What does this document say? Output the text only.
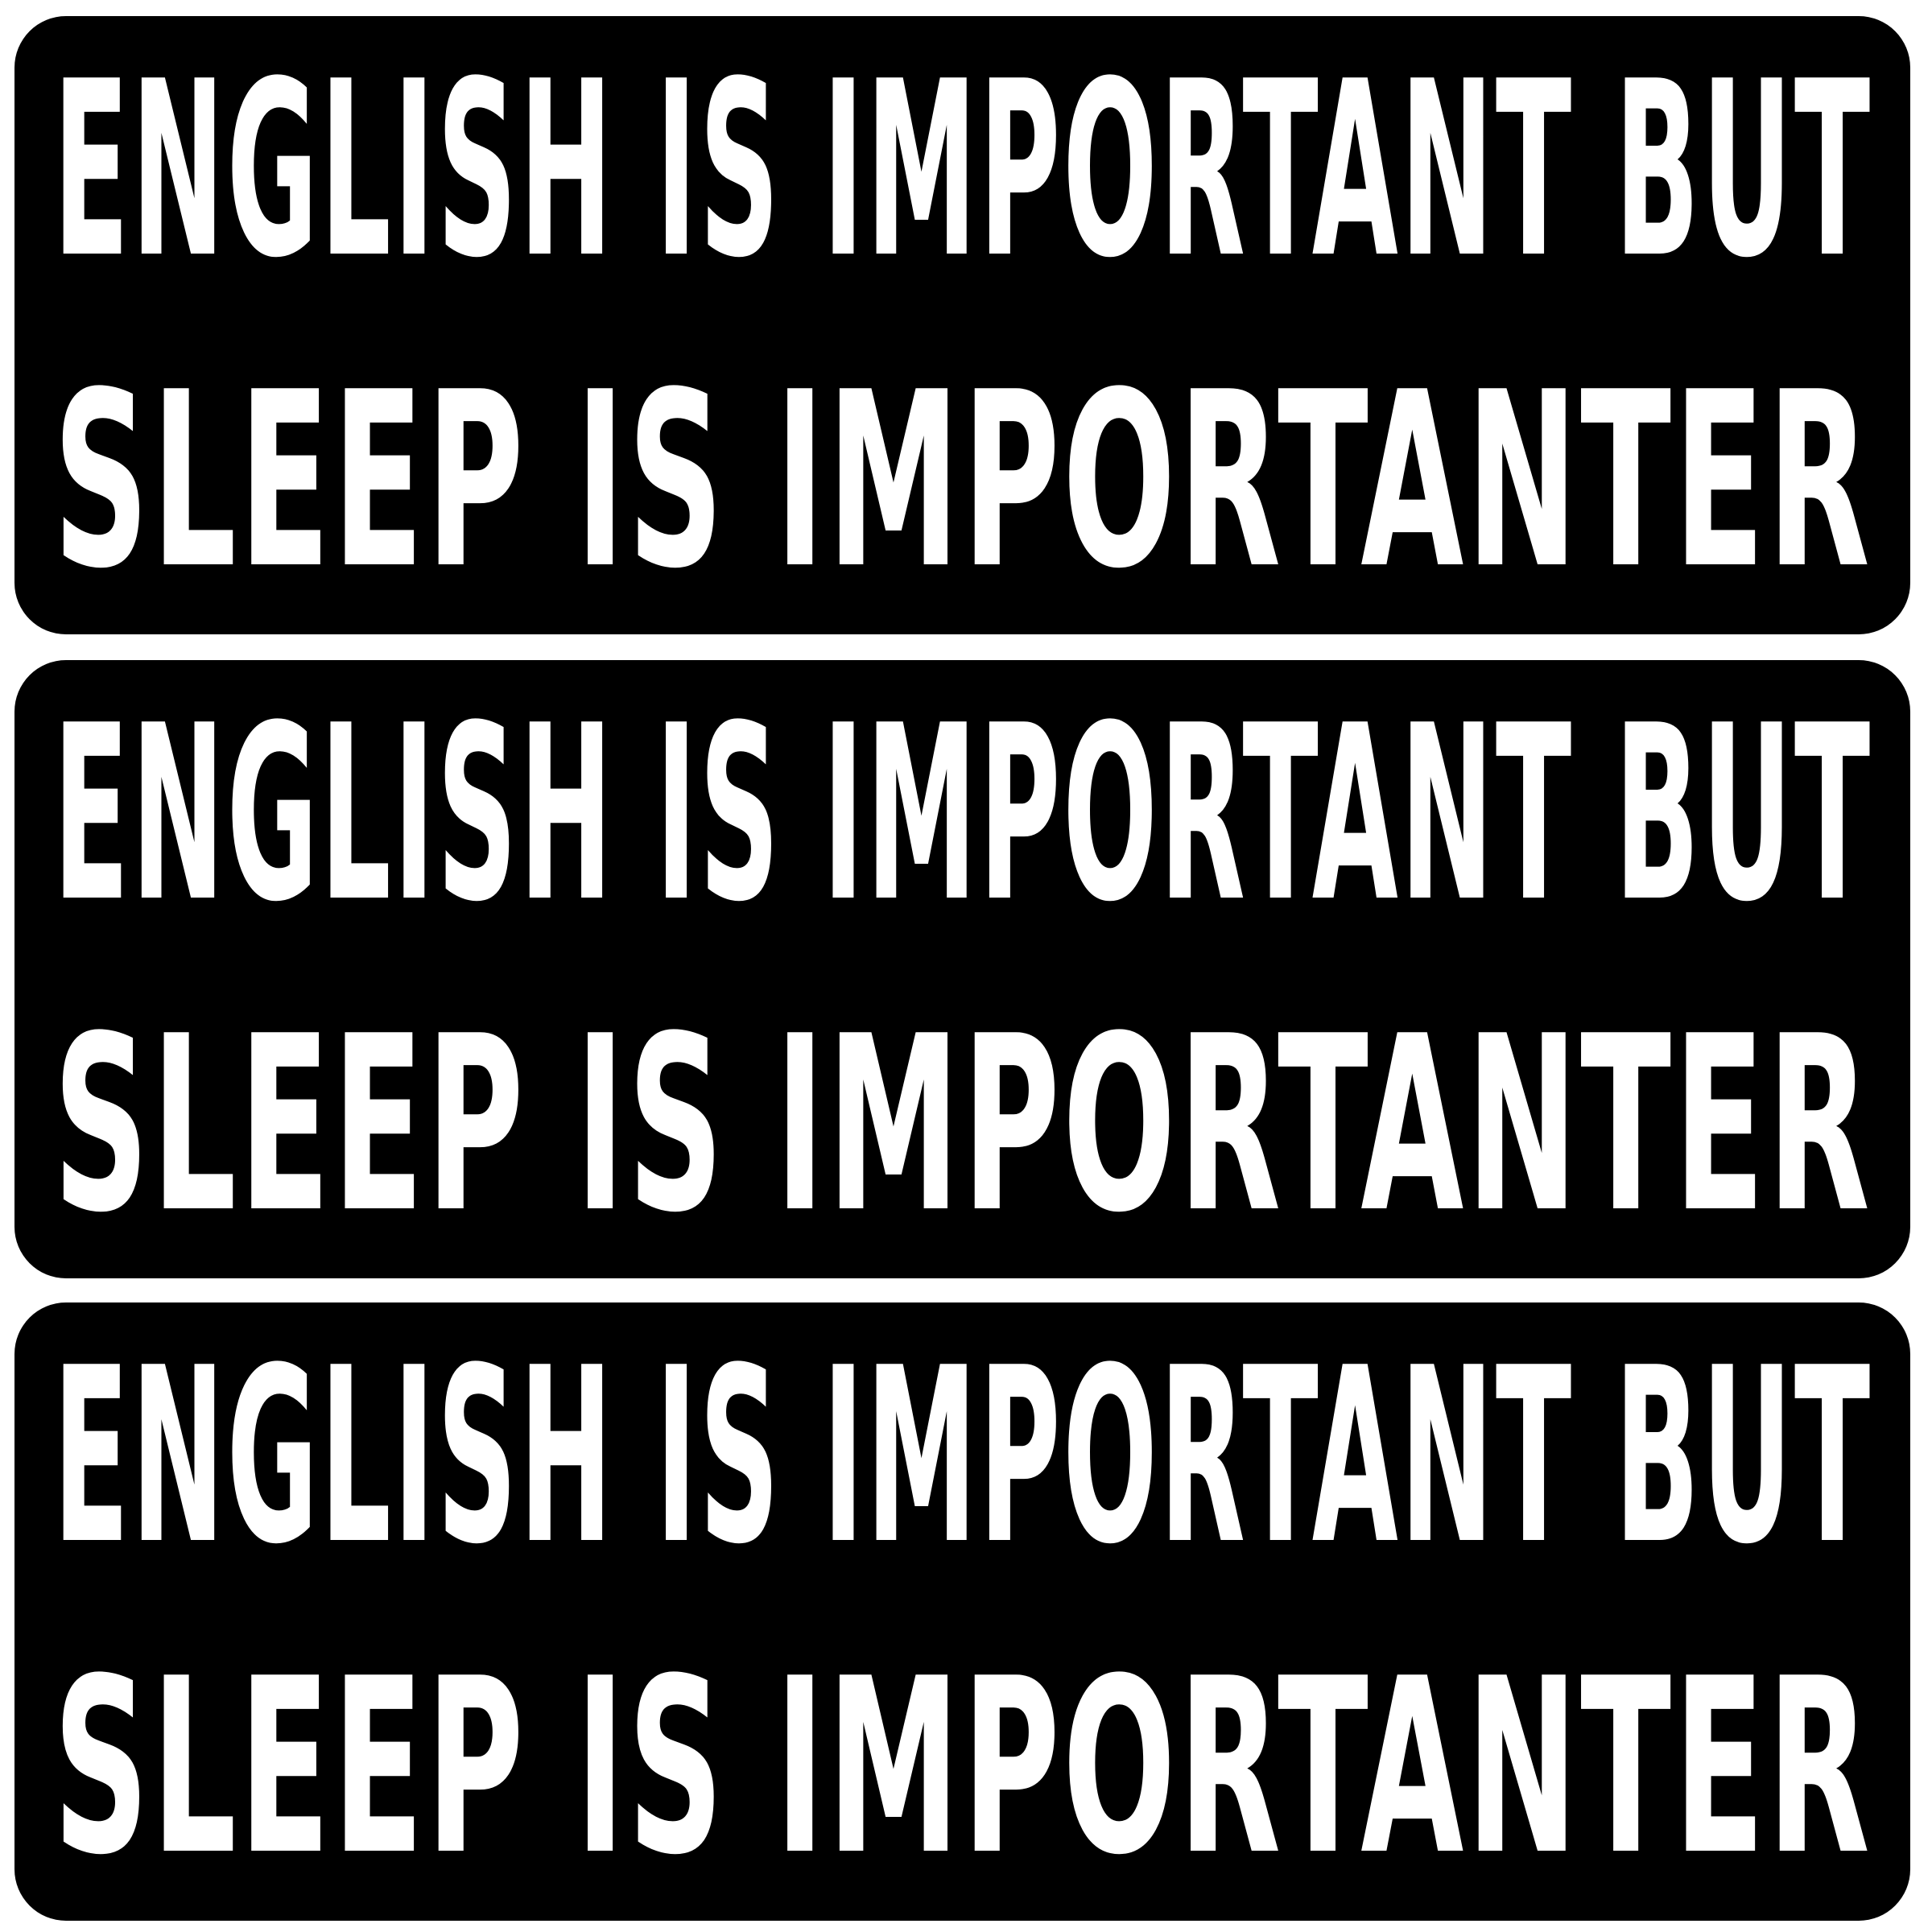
ENGLISH IS IMPORTANT BUT
SLEEP IS IMPORTANTER
ENGLISH IS IMPORTANT BUT
SLEEP IS IMPORTANTER
ENGLISH IS IMPORTANT BUT
SLEEP IS IMPORTANTER
